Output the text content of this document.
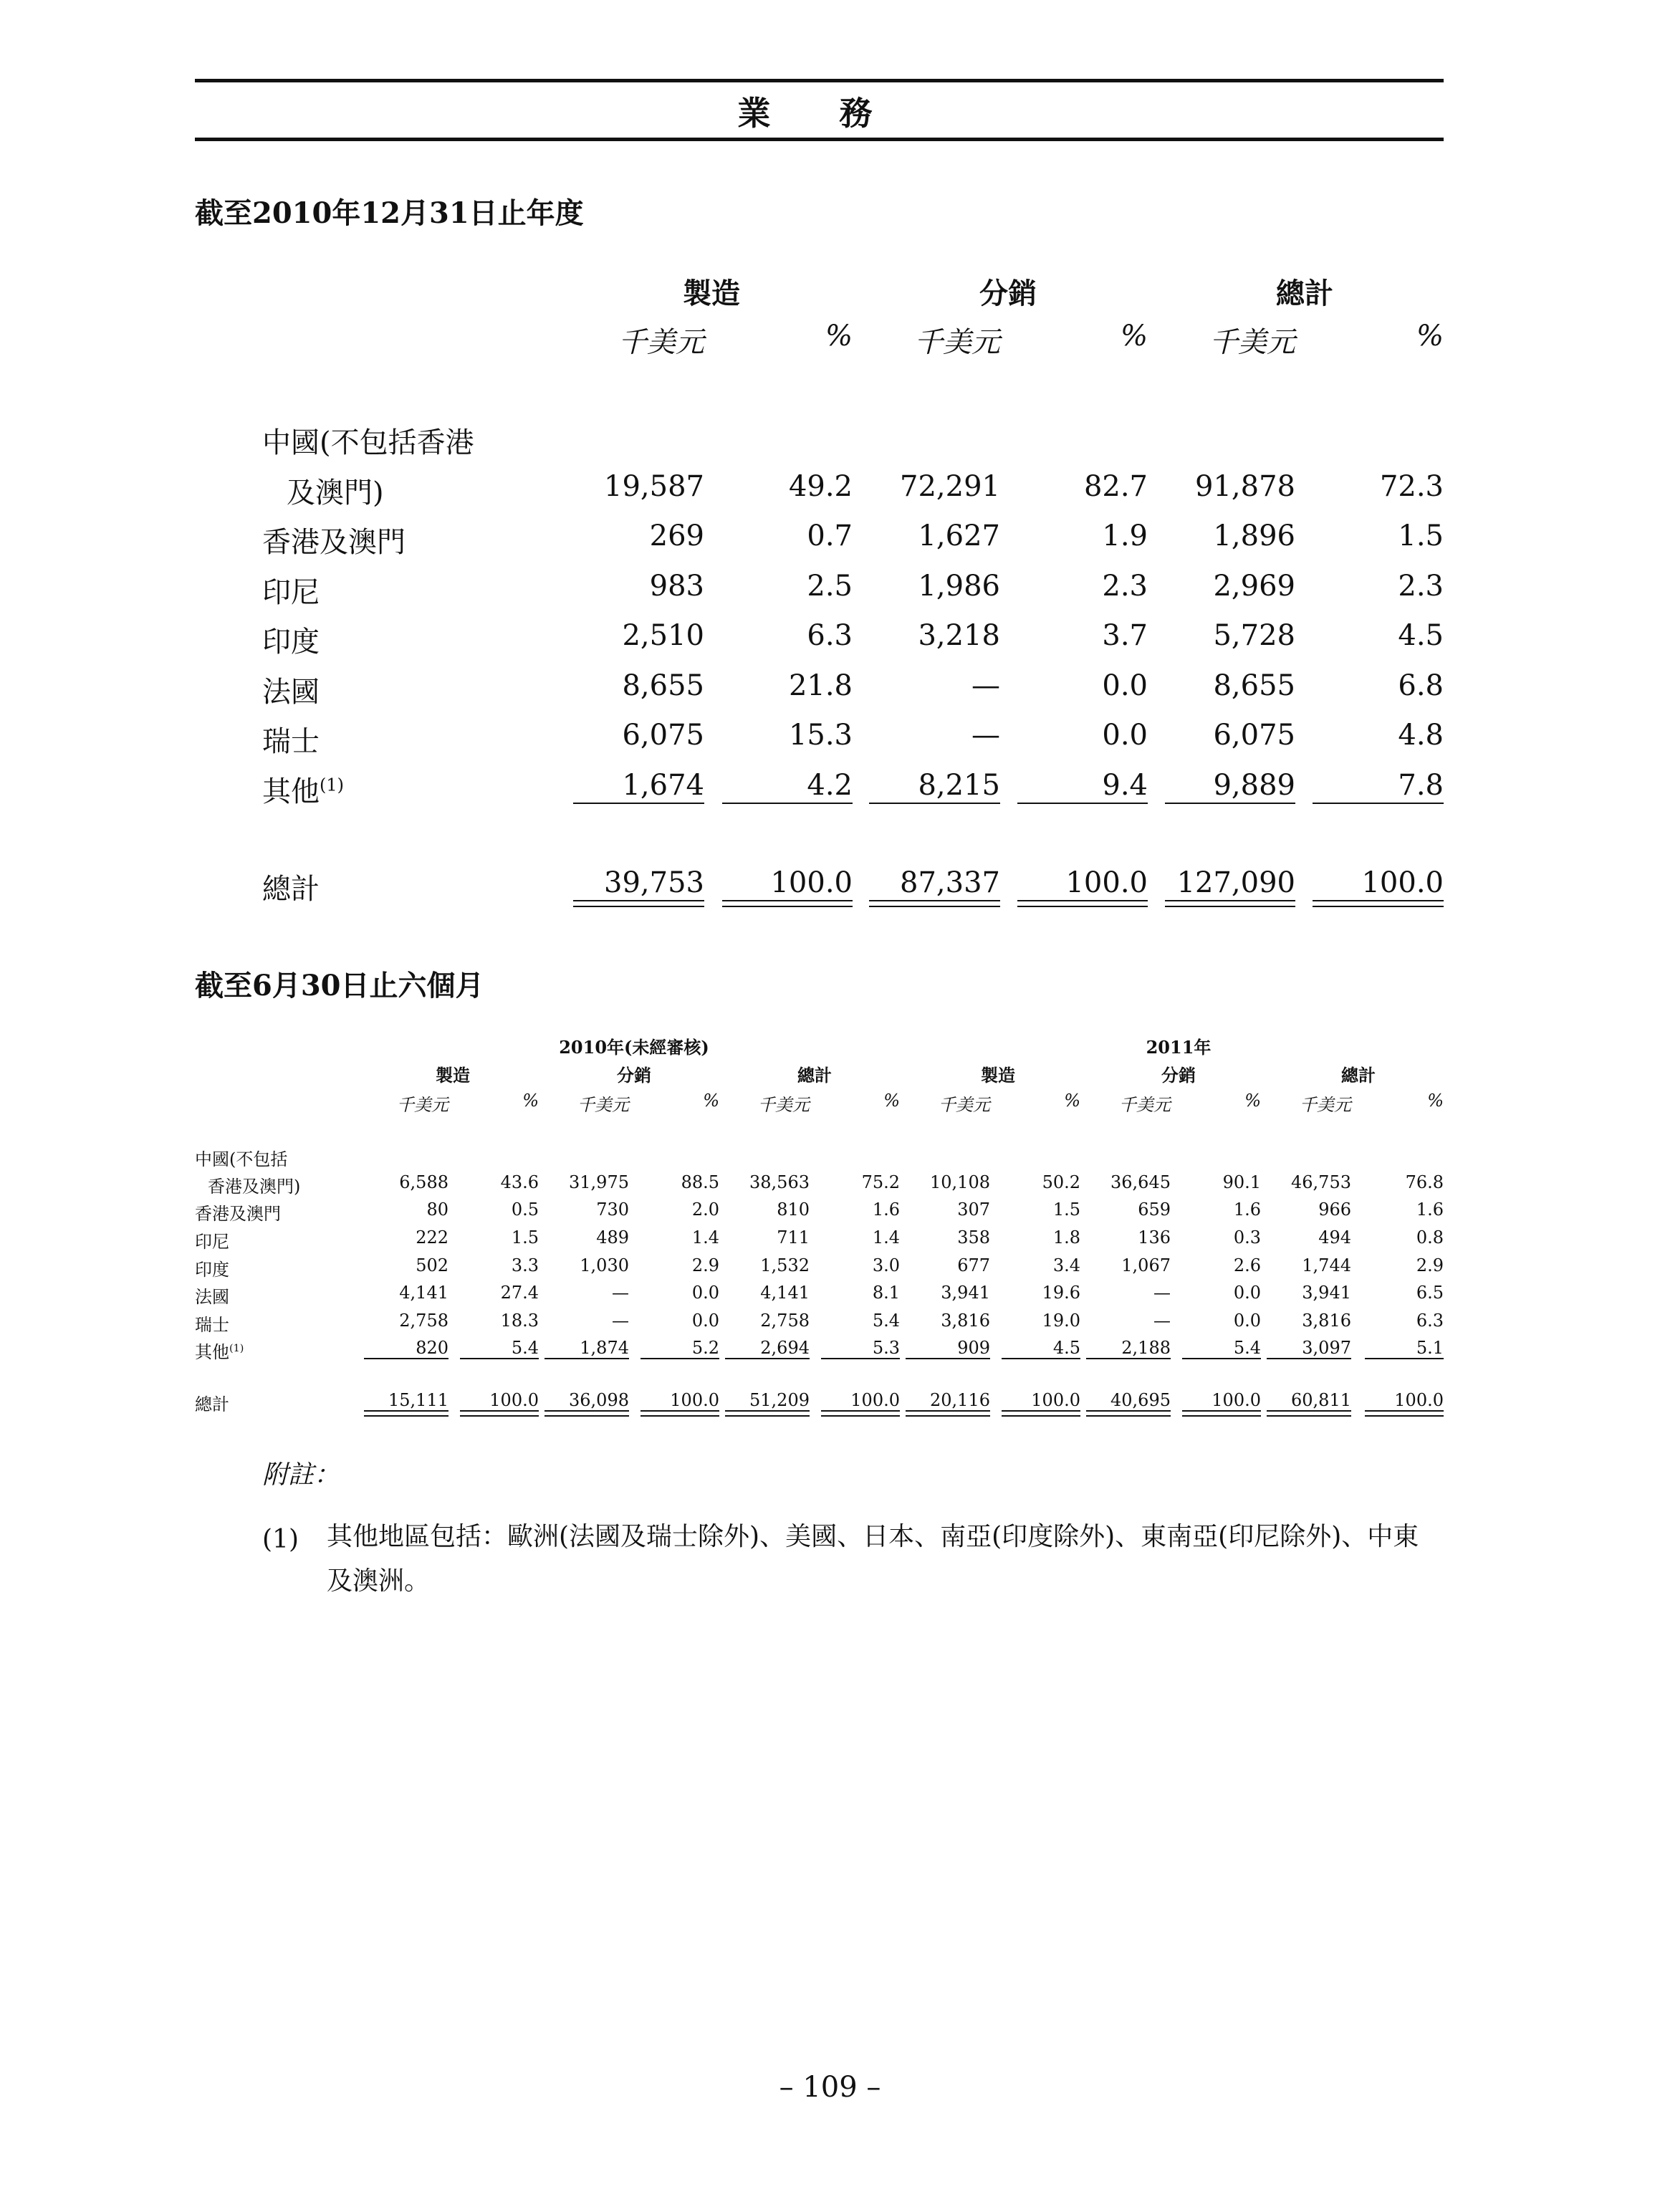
業 務
截至2010年12月31日止年度
製造	分銷	總計
千美元	%	千美元	%	千美元	%
中國(不包括香港
及澳門)	19,587	49.2	72,291	82.7	91,878	72.3
香港及澳門	269	0.7	1,627	1.9	1,896	1.5
印尼	983	2.5	1,986	2.3	2,969	2.3
印度	2,510	6.3	3,218	3.7	5,728	4.5
法國	8,655	21.8	—	0.0	8,655	6.8
瑞士	6,075	15.3	—	0.0	6,075	4.8
其他$^{(1)}$	1,674	4.2	8,215	9.4	9,889	7.8
總計	39,753	100.0	87,337	100.0	127,090	100.0
截至6月30日止六個月
2010年(未經審核)	2011年
製造	分銷	總計	製造	分銷	總計
千美元	%	千美元	%	千美元	%	千美元	%	千美元	%	千美元	%
中國(不包括
香港及澳門)	6,588	43.6	31,975	88.5	38,563	75.2	10,108	50.2	36,645	90.1	46,753	76.8
香港及澳門	80	0.5	730	2.0	810	1.6	307	1.5	659	1.6	966	1.6
印尼	222	1.5	489	1.4	711	1.4	358	1.8	136	0.3	494	0.8
印度	502	3.3	1,030	2.9	1,532	3.0	677	3.4	1,067	2.6	1,744	2.9
法國	4,141	27.4	—	0.0	4,141	8.1	3,941	19.6	—	0.0	3,941	6.5
瑞士	2,758	18.3	—	0.0	2,758	5.4	3,816	19.0	—	0.0	3,816	6.3
其他$^{(1)}$	820	5.4	1,874	5.2	2,694	5.3	909	4.5	2,188	5.4	3,097	5.1
總計	15,111	100.0	36,098	100.0	51,209	100.0	20,116	100.0	40,695	100.0	60,811	100.0
附註：
(1) 其他地區包括：歐洲(法國及瑞士除外)、美國、日本、南亞(印度除外)、東南亞(印尼除外)、中東及澳洲。
– 109 –
